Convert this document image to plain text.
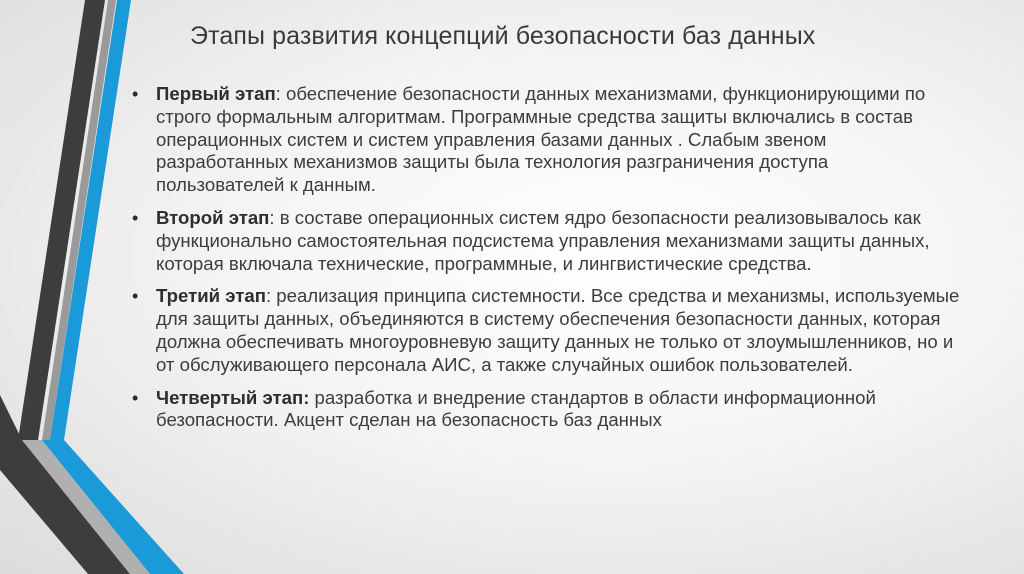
Этапы развития концепций безопасности баз данных
• Первый этап: обеспечение безопасности данных механизмами, функционирующими по строго формальным алгоритмам. Программные средства защиты включались в состав операционных систем и систем управления базами данных . Слабым звеном разработанных механизмов защиты была технология разграничения доступа пользователей к данным.
• Второй этап: в составе операционных систем ядро безопасности реализовывалось как функционально самостоятельная подсистема управления механизмами защиты данных, которая включала технические, программные, и лингвистические средства.
• Третий этап: реализация принципа системности. Все средства и механизмы, используемые для защиты данных, объединяются в систему обеспечения безопасности данных, которая должна обеспечивать многоуровневую защиту данных не только от злоумышленников, но и от обслуживающего персонала АИС, а также случайных ошибок пользователей.
• Четвертый этап: разработка и внедрение стандартов в области информационной безопасности. Акцент сделан на безопасность баз данных
